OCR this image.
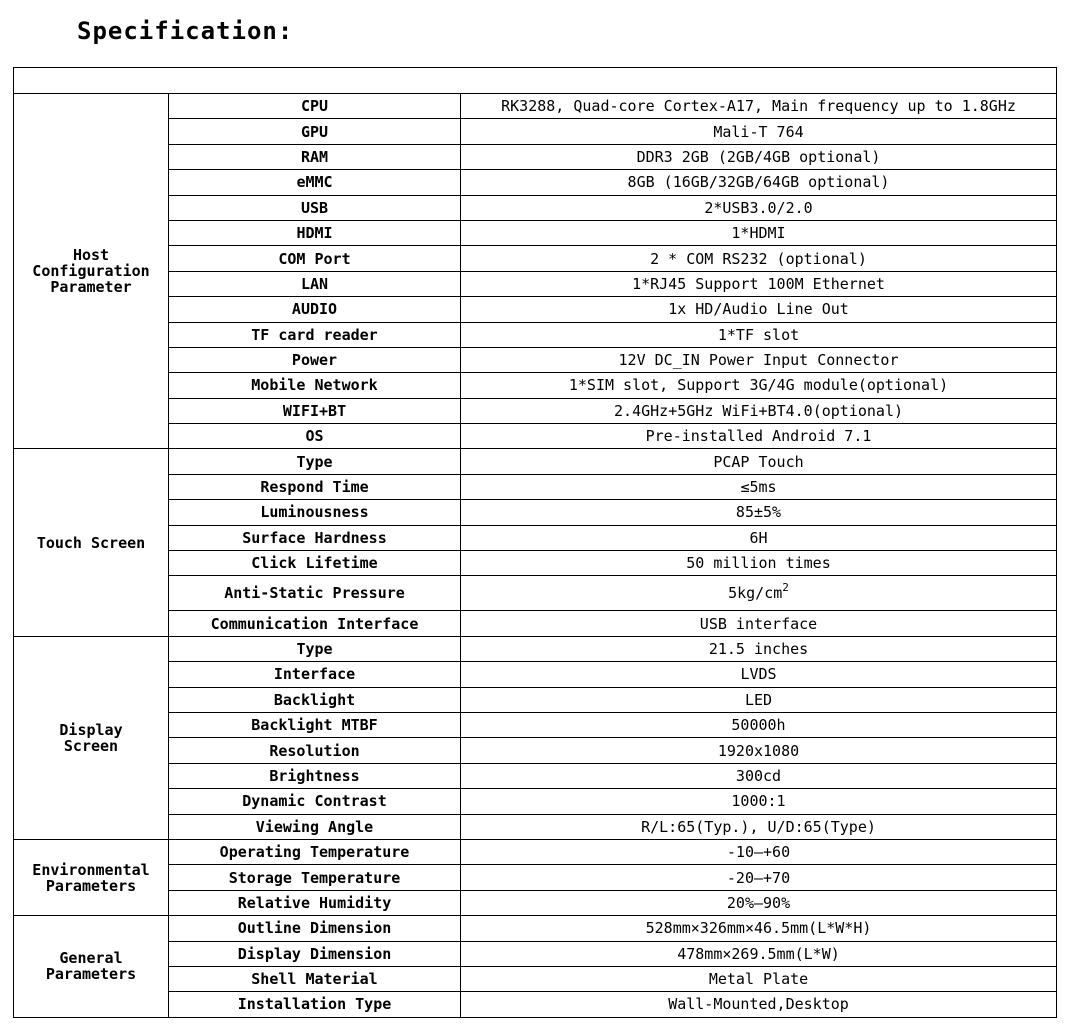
Specification:

Host
Configuration
Parameter	CPU	RK3288, Quad-core Cortex-A17, Main frequency up to 1.8GHz
	GPU	Mali-T 764
	RAM	DDR3 2GB (2GB/4GB optional)
	eMMC	8GB (16GB/32GB/64GB optional)
	USB	2*USB3.0/2.0
	HDMI	1*HDMI
	COM Port	2 * COM RS232 (optional)
	LAN	1*RJ45 Support 100M Ethernet
	AUDIO	1x HD/Audio Line Out
	TF card reader	1*TF slot
	Power	12V DC_IN Power Input Connector
	Mobile Network	1*SIM slot, Support 3G/4G module(optional)
	WIFI+BT	2.4GHz+5GHz WiFi+BT4.0(optional)
	OS	Pre-installed Android 7.1

Touch Screen	Type	PCAP Touch
	Respond Time	≤5ms
	Luminousness	85±5%
	Surface Hardness	6H
	Click Lifetime	50 million times
	Anti-Static Pressure	$5kg/cm^2$
	Communication Interface	USB interface

Display
Screen	Type	21.5 inches
	Interface	LVDS
	Backlight	LED
	Backlight MTBF	50000h
	Resolution	1920x1080
	Brightness	300cd
	Dynamic Contrast	1000:1
	Viewing Angle	R/L:65(Typ.), U/D:65(Type)

Environmental
Parameters	Operating Temperature	-10—+60
	Storage Temperature	-20—+70
	Relative Humidity	20%—90%

General
Parameters	Outline Dimension	528mm×326mm×46.5mm(L*W*H)
	Display Dimension	478mm×269.5mm(L*W)
	Shell Material	Metal Plate
	Installation Type	Wall-Mounted,Desktop
